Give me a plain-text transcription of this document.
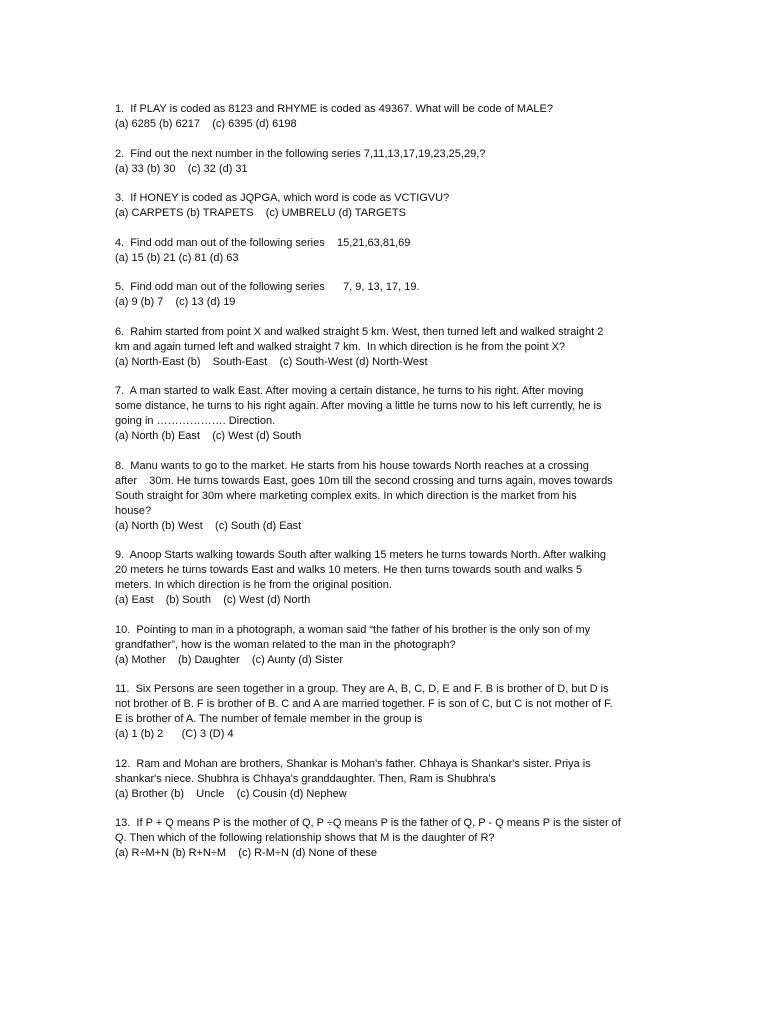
1.  If PLAY is coded as 8123 and RHYME is coded as 49367. What will be code of MALE?
(a) 6285 (b) 6217    (c) 6395 (d) 6198
2.  Find out the next number in the following series 7,11,13,17,19,23,25,29,?
(a) 33 (b) 30    (c) 32 (d) 31
3.  If HONEY is coded as JQPGA, which word is code as VCTIGVU?
(a) CARPETS (b) TRAPETS    (c) UMBRELU (d) TARGETS
4.  Find odd man out of the following series    15,21,63,81,69
(a) 15 (b) 21 (c) 81 (d) 63
5.  Find odd man out of the following series      7, 9, 13, 17, 19.
(a) 9 (b) 7    (c) 13 (d) 19
6.  Rahim started from point X and walked straight 5 km. West, then turned left and walked straight 2
km and again turned left and walked straight 7 km.  In which direction is he from the point X?
(a) North-East (b)    South-East    (c) South-West (d) North-West
7.  A man started to walk East. After moving a certain distance, he turns to his right. After moving
some distance, he turns to his right again. After moving a little he turns now to his left currently, he is
going in ………………. Direction.
(a) North (b) East    (c) West (d) South
8.  Manu wants to go to the market. He starts from his house towards North reaches at a crossing
after    30m. He turns towards East, goes 10m till the second crossing and turns again, moves towards
South straight for 30m where marketing complex exits. In which direction is the market from his
house?
(a) North (b) West    (c) South (d) East
9.  Anoop Starts walking towards South after walking 15 meters he turns towards North. After walking
20 meters he turns towards East and walks 10 meters. He then turns towards south and walks 5
meters. In which direction is he from the original position.
(a) East    (b) South    (c) West (d) North
10.  Pointing to man in a photograph, a woman said “the father of his brother is the only son of my
grandfather”, how is the woman related to the man in the photograph?
(a) Mother    (b) Daughter    (c) Aunty (d) Sister
11.  Six Persons are seen together in a group. They are A, B, C, D, E and F. B is brother of D, but D is
not brother of B. F is brother of B. C and A are married together. F is son of C, but C is not mother of F.
E is brother of A. The number of female member in the group is
(a) 1 (b) 2      (C) 3 (D) 4
12.  Ram and Mohan are brothers, Shankar is Mohan’s father. Chhaya is Shankar's sister. Priya is
shankar's niece. Shubhra is Chhaya's granddaughter. Then, Ram is Shubhra's
(a) Brother (b)    Uncle    (c) Cousin (d) Nephew
13.  If P + Q means P is the mother of Q, P ÷Q means P is the father of Q, P - Q means P is the sister of
Q. Then which of the following relationship shows that M is the daughter of R?
(a) R÷M+N (b) R+N÷M    (c) R-M÷N (d) None of these
